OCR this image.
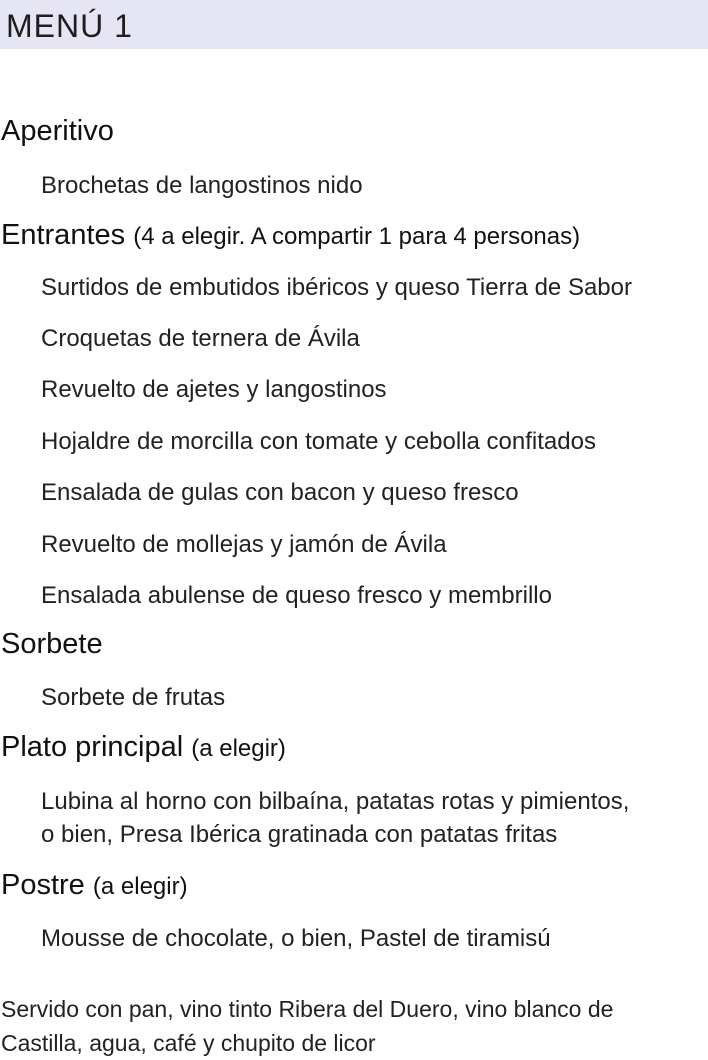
MENÚ 1
Aperitivo
Brochetas de langostinos nido
Entrantes (4 a elegir. A compartir 1 para 4 personas)
Surtidos de embutidos ibéricos y queso Tierra de Sabor
Croquetas de ternera de Ávila
Revuelto de ajetes y langostinos
Hojaldre de morcilla con tomate y cebolla confitados
Ensalada de gulas con bacon y queso fresco
Revuelto de mollejas y jamón de Ávila
Ensalada abulense de queso fresco y membrillo
Sorbete
Sorbete de frutas
Plato principal (a elegir)
Lubina al horno con bilbaína, patatas rotas y pimientos,
o bien, Presa Ibérica gratinada con patatas fritas
Postre (a elegir)
Mousse de chocolate, o bien, Pastel de tiramisú
Servido con pan, vino tinto Ribera del Duero, vino blanco de
Castilla, agua, café y chupito de licor
